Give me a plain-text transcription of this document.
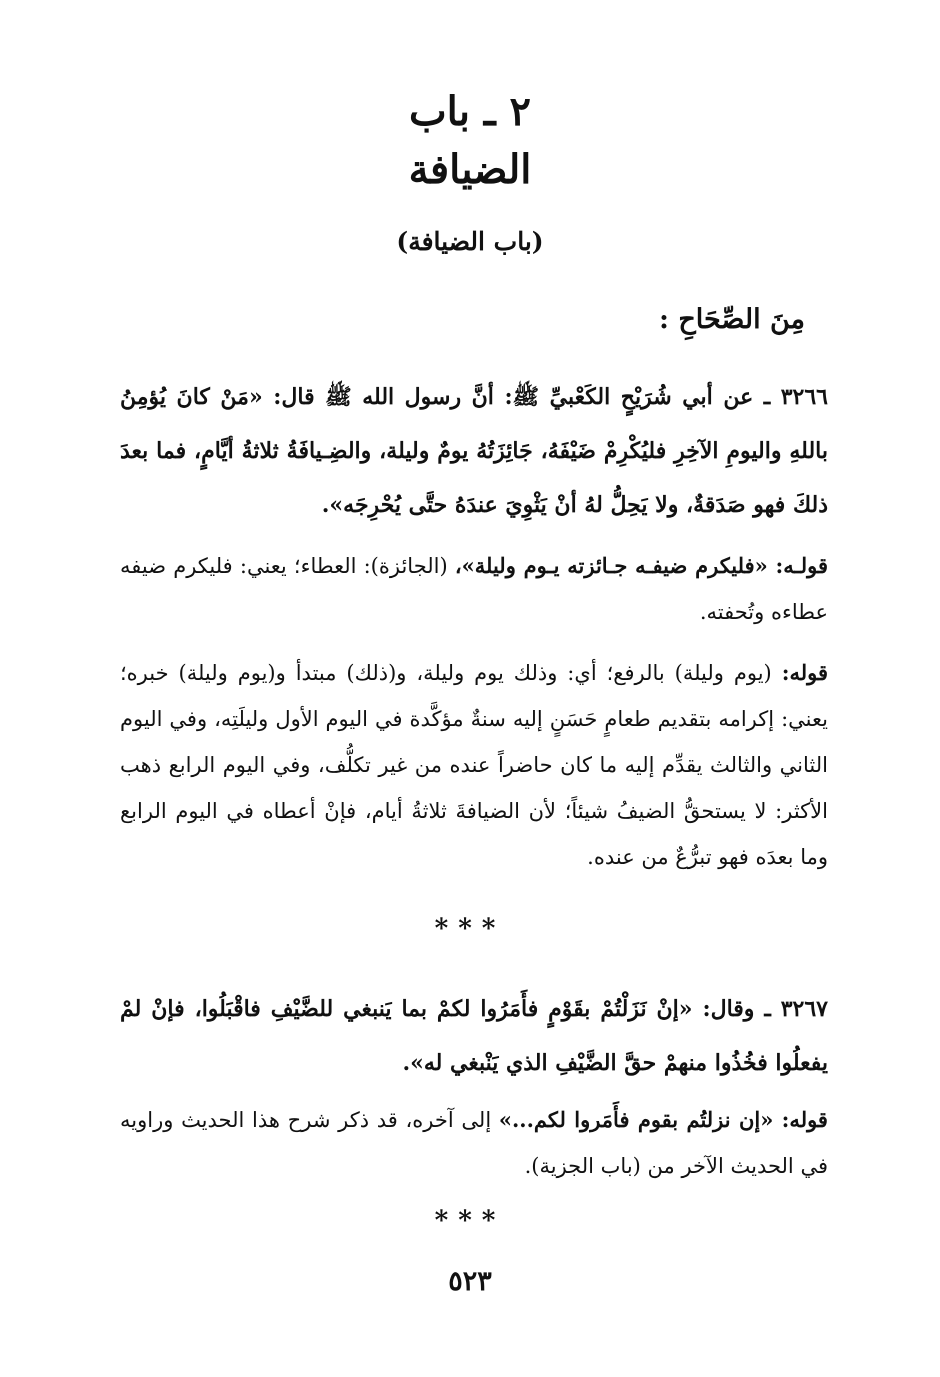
٢ ـ باب
الضيافة
(باب الضيافة)
مِنَ الصِّحَاحِ :
٣٢٦٦ ـ عن أبي شُرَيْحٍ الكَعْبيِّ ﷺ: أنَّ رسول الله ﷺ قال: «مَنْ كانَ يُؤمِنُ باللهِ واليومِ الآخِرِ فليُكْرِمْ ضَيْفَهُ، جَائِزَتُهُ يومٌ وليلة، والضِـيافَةُ ثلاثةُ أيَّامٍ، فما بعدَ ذلكَ فهو صَدَقةٌ، ولا يَحِلُّ لهُ أنْ يَثْوِيَ عندَهُ حتَّى يُحْرِجَه».
قولـه: «فليكرم ضيفـه جـائزته يـوم وليلة»، (الجائزة): العطاء؛ يعني: فليكرم ضيفه عطاءه وتُحفته.
قوله: (يوم وليلة) بالرفع؛ أي: وذلك يوم وليلة، و(ذلك) مبتدأ و(يوم وليلة) خبره؛ يعني: إكرامه بتقديم طعامٍ حَسَنٍ إليه سنةٌ مؤكَّدة في اليوم الأول وليلَتِه، وفي اليوم الثاني والثالث يقدِّم إليه ما كان حاضراً عنده من غير تكلُّف، وفي اليوم الرابع ذهب الأكثر: لا يستحقُّ الضيفُ شيئاً؛ لأن الضيافةَ ثلاثةُ أيام، فإنْ أعطاه في اليوم الرابع وما بعدَه فهو تبرُّعٌ من عنده.
***
٣٢٦٧ ـ وقال: «إنْ نَزَلْتُمْ بقَوْمٍ فأَمَرُوا لكمْ بما يَنبغي للضَّيْفِ فاقْبَلُوا، فإنْ لمْ يفعلُوا فخُذُوا منهمْ حقَّ الضَّيْفِ الذي يَنْبغي له».
قوله: «إن نزلتُم بقوم فأَمَروا لكم...» إلى آخره، قد ذكر شرح هذا الحديث وراويه في الحديث الآخر من (باب الجزية).
***
٥٢٣
